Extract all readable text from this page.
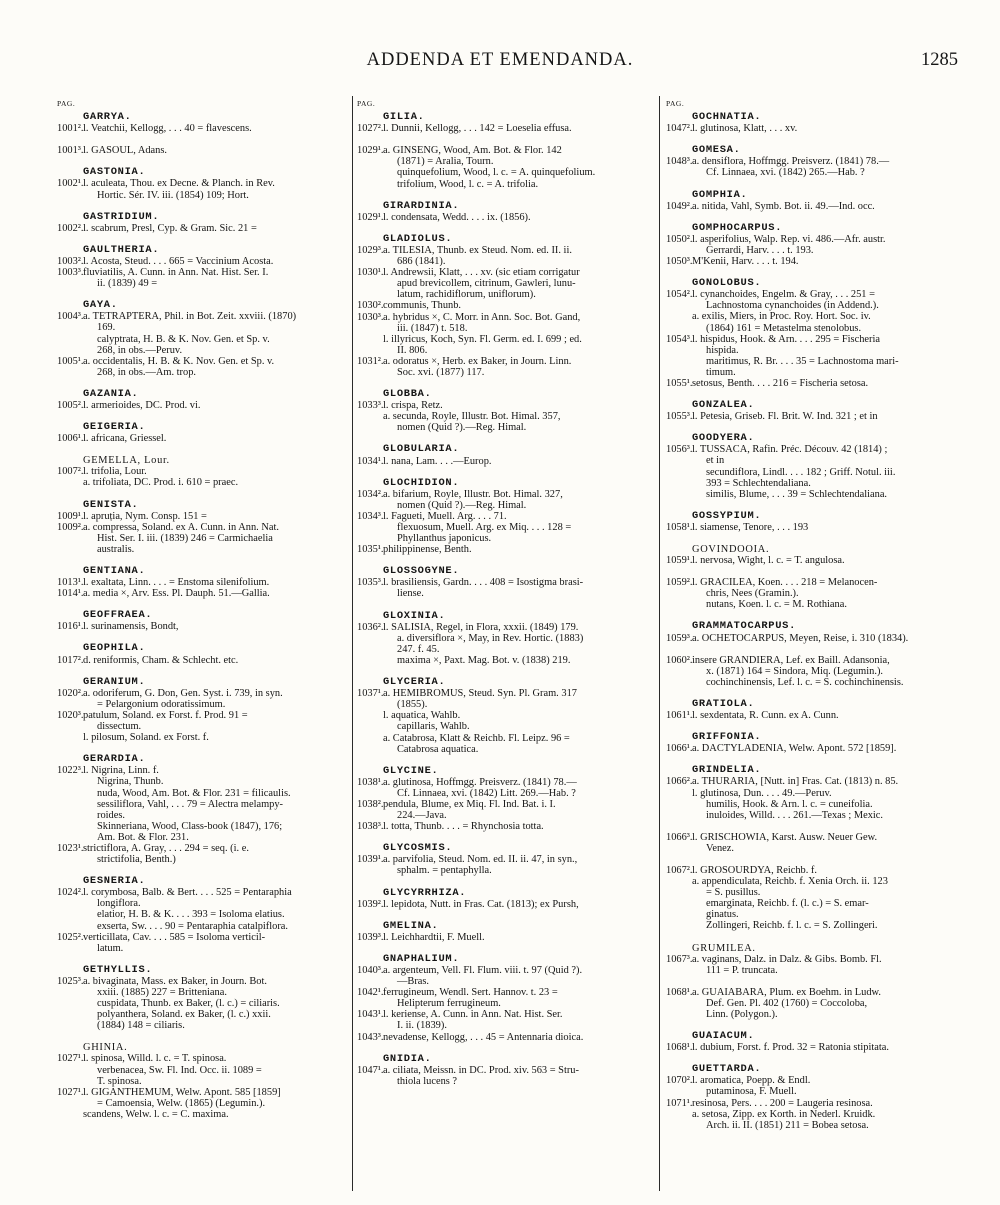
ADDENDA ET EMENDANDA.	1285
PAG.
GARRYA.
1001².l. Veatchii, Kellogg, . . . 40 = flavescens.
1001³.l. GASOUL, Adans.
GASTONIA.
1002¹.l. aculeata, Thou. ex Decne. & Planch. in Rev.
Hortic. Sér. IV. iii. (1854) 109; Hort.
GASTRIDIUM.
1002².l. scabrum, Presl, Cyp. & Gram. Sic. 21 =
GAULTHERIA.
1003².l. Acosta, Steud. . . . 665 = Vaccinium Acosta.
1003³.fluviatilis, A. Cunn. in Ann. Nat. Hist. Ser. I.
ii. (1839) 49 =
GAYA.
1004³.a. TETRAPTERA, Phil. in Bot. Zeit. xxviii. (1870)
169.
calyptrata, H. B. & K. Nov. Gen. et Sp. v.
268, in obs.—Peruv.
1005¹.a. occidentalis, H. B. & K. Nov. Gen. et Sp. v.
268, in obs.—Am. trop.
GAZANIA.
1005².l. armerioides, DC. Prod. vi.
GEIGERIA.
1006¹.l. africana, Griessel.
GEMELLA, Lour.
1007².l. trifolia, Lour.
a. trifoliata, DC. Prod. i. 610 = praec.
GENISTA.
1009¹.l. apruția, Nym. Consp. 151 =
1009².a. compressa, Soland. ex A. Cunn. in Ann. Nat.
Hist. Ser. I. iii. (1839) 246 = Carmichaelia
australis.
GENTIANA.
1013¹.l. exaltata, Linn. . . . = Enstoma silenifolium.
1014¹.a. media ×, Arv. Ess. Pl. Dauph. 51.—Gallia.
GEOFFRAEA.
1016¹.l. surinamensis, Bondt,
GEOPHILA.
1017².d. reniformis, Cham. & Schlecht. etc.
GERANIUM.
1020².a. odoriferum, G. Don, Gen. Syst. i. 739, in syn.
= Pelargonium odoratissimum.
1020³.patulum, Soland. ex Forst. f. Prod. 91 =
dissectum.
l. pilosum, Soland. ex Forst. f.
GERARDIA.
1022³.l. Nigrina, Linn. f.
Nigrina, Thunb.
nuda, Wood, Am. Bot. & Flor. 231 = filicaulis.
sessiliflora, Vahl, . . . 79 = Alectra melampy-
roides.
Skinneriana, Wood, Class-book (1847), 176;
Am. Bot. & Flor. 231.
1023¹.strictiflora, A. Gray, . . . 294 = seq. (i. e.
strictifolia, Benth.)
GESNERIA.
1024².l. corymbosa, Balb. & Bert. . . . 525 = Pentaraphia
longiflora.
elatior, H. B. & K. . . . 393 = Isoloma elatius.
exserta, Sw. . . . 90 = Pentaraphia catalpiflora.
1025².verticillata, Cav. . . . 585 = Isoloma verticil-
latum.
GETHYLLIS.
1025³.a. bivaginata, Mass. ex Baker, in Journ. Bot.
xxiii. (1885) 227 = Britteniana.
cuspidata, Thunb. ex Baker, (l. c.) = ciliaris.
polyanthera, Soland. ex Baker, (l. c.) xxii.
(1884) 148 = ciliaris.
GHINIA.
1027¹.l. spinosa, Willd. l. c. = T. spinosa.
verbenacea, Sw. Fl. Ind. Occ. ii. 1089 =
T. spinosa.
1027¹.l. GIGANTHEMUM, Welw. Apont. 585 [1859]
= Camoensia, Welw. (1865) (Legumin.).
scandens, Welw. l. c. = C. maxima.
PAG.
GILIA.
1027².l. Dunnii, Kellogg, . . . 142 = Loeselia effusa.
1029¹.a. GINSENG, Wood, Am. Bot. & Flor. 142
(1871) = Aralia, Tourn.
quinquefolium, Wood, l. c. = A. quinquefolium.
trifolium, Wood, l. c. = A. trifolia.
GIRARDINIA.
1029¹.l. condensata, Wedd. . . . ix. (1856).
GLADIOLUS.
1029³.a. TILESIA, Thunb. ex Steud. Nom. ed. II. ii.
686 (1841).
1030¹.l. Andrewsii, Klatt, . . . xv. (sic etiam corrigatur
apud brevicollem, citrinum, Gawleri, lunu-
latum, rachidiflorum, uniflorum).
1030².communis, Thunb.
1030³.a. hybridus ×, C. Morr. in Ann. Soc. Bot. Gand,
iii. (1847) t. 518.
l. illyricus, Koch, Syn. Fl. Germ. ed. I. 699 ; ed.
II. 806.
1031².a. odoratus ×, Herb. ex Baker, in Journ. Linn.
Soc. xvi. (1877) 117.
GLOBBA.
1033³.l. crispa, Retz.
a. secunda, Royle, Illustr. Bot. Himal. 357,
nomen (Quid ?).—Reg. Himal.
GLOBULARIA.
1034¹.l. nana, Lam. . . .—Europ.
GLOCHIDION.
1034².a. bifarium, Royle, Illustr. Bot. Himal. 327,
nomen (Quid ?).—Reg. Himal.
1034³.l. Fagueti, Muell. Arg. . . . 71.
flexuosum, Muell. Arg. ex Miq. . . . 128 =
Phyllanthus japonicus.
1035¹.philippinense, Benth.
GLOSSOGYNE.
1035³.l. brasiliensis, Gardn. . . . 408 = Isostigma brasi-
liense.
GLOXINIA.
1036².l. SALISIA, Regel, in Flora, xxxii. (1849) 179.
a. diversiflora ×, May, in Rev. Hortic. (1883)
247. f. 45.
maxima ×, Paxt. Mag. Bot. v. (1838) 219.
GLYCERIA.
1037¹.a. HEMIBROMUS, Steud. Syn. Pl. Gram. 317
(1855).
l. aquatica, Wahlb.
capillaris, Wahlb.
a. Catabrosa, Klatt & Reichb. Fl. Leipz. 96 =
Catabrosa aquatica.
GLYCINE.
1038¹.a. glutinosa, Hoffmgg. Preisverz. (1841) 78.—
Cf. Linnaea, xvi. (1842) Litt. 269.—Hab. ?
1038².pendula, Blume, ex Miq. Fl. Ind. Bat. i. I.
224.—Java.
1038³.l. totta, Thunb. . . . = Rhynchosia totta.
GLYCOSMIS.
1039¹.a. parvifolia, Steud. Nom. ed. II. ii. 47, in syn.,
sphalm. = pentaphylla.
GLYCYRRHIZA.
1039².l. lepidota, Nutt. in Fras. Cat. (1813); ex Pursh,
GMELINA.
1039³.l. Leichhardtii, F. Muell.
GNAPHALIUM.
1040³.a. argenteum, Vell. Fl. Flum. viii. t. 97 (Quid ?).
—Bras.
1042¹.ferrugineum, Wendl. Sert. Hannov. t. 23 =
Helipterum ferrugineum.
1043¹.l. keriense, A. Cunn. in Ann. Nat. Hist. Ser.
I. ii. (1839).
1043³.nevadense, Kellogg, . . . 45 = Antennaria dioica.
GNIDIA.
1047¹.a. ciliata, Meissn. in DC. Prod. xiv. 563 = Stru-
thiola lucens ?
PAG.
GOCHNATIA.
1047².l. glutinosa, Klatt, . . . xv.
GOMESA.
1048³.a. densiflora, Hoffmgg. Preisverz. (1841) 78.—
Cf. Linnaea, xvi. (1842) 265.—Hab. ?
GOMPHIA.
1049².a. nitida, Vahl, Symb. Bot. ii. 49.—Ind. occ.
GOMPHOCARPUS.
1050².l. asperifolius, Walp. Rep. vi. 486.—Afr. austr.
Gerrardi, Harv. . . . t. 193.
1050³.M'Kenii, Harv. . . . t. 194.
GONOLOBUS.
1054².l. cynanchoides, Engelm. & Gray, . . . 251 =
Lachnostoma cynanchoides (in Addend.).
a. exilis, Miers, in Proc. Roy. Hort. Soc. iv.
(1864) 161 = Metastelma stenolobus.
1054³.l. hispidus, Hook. & Arn. . . . 295 = Fischeria
hispida.
maritimus, R. Br. . . . 35 = Lachnostoma mari-
timum.
1055¹.setosus, Benth. . . . 216 = Fischeria setosa.
GONZALEA.
1055³.l. Petesia, Griseb. Fl. Brit. W. Ind. 321 ; et in
GOODYERA.
1056³.l. TUSSACA, Rafin. Préc. Découv. 42 (1814) ;
et in
secundiflora, Lindl. . . . 182 ; Griff. Notul. iii.
393 = Schlechtendaliana.
similis, Blume, . . . 39 = Schlechtendaliana.
GOSSYPIUM.
1058¹.l. siamense, Tenore, . . . 193
GOVINDOOIA.
1059¹.l. nervosa, Wight, l. c. = T. angulosa.
1059².l. GRACILEA, Koen. . . . 218 = Melanocen-
chris, Nees (Gramin.).
nutans, Koen. l. c. = M. Rothiana.
GRAMMATOCARPUS.
1059³.a. OCHETOCARPUS, Meyen, Reise, i. 310 (1834).
1060².insere GRANDIERA, Lef. ex Baill. Adansonia,
x. (1871) 164 = Sindora, Miq. (Legumin.).
cochinchinensis, Lef. l. c. = S. cochinchinensis.
GRATIOLA.
1061¹.l. sexdentata, R. Cunn. ex A. Cunn.
GRIFFONIA.
1066¹.a. DACTYLADENIA, Welw. Apont. 572 [1859].
GRINDELIA.
1066².a. THURARIA, [Nutt. in] Fras. Cat. (1813) n. 85.
l. glutinosa, Dun. . . . 49.—Peruv.
humilis, Hook. & Arn. l. c. = cuneifolia.
inuloides, Willd. . . . 261.—Texas ; Mexic.
1066³.l. GRISCHOWIA, Karst. Ausw. Neuer Gew.
Venez.
1067².l. GROSOURDYA, Reichb. f.
a. appendiculata, Reichb. f. Xenia Orch. ii. 123
= S. pusillus.
emarginata, Reichb. f. (l. c.) = S. emar-
ginatus.
Zollingeri, Reichb. f. l. c. = S. Zollingeri.
GRUMILEA.
1067³.a. vaginans, Dalz. in Dalz. & Gibs. Bomb. Fl.
111 = P. truncata.
1068¹.a. GUAIABARA, Plum. ex Boehm. in Ludw.
Def. Gen. Pl. 402 (1760) = Coccoloba,
Linn. (Polygon.).
GUAIACUM.
1068¹.l. dubium, Forst. f. Prod. 32 = Ratonia stipitata.
GUETTARDA.
1070².l. aromatica, Poepp. & Endl.
putaminosa, F. Muell.
1071¹.resinosa, Pers. . . . 200 = Laugeria resinosa.
a. setosa, Zipp. ex Korth. in Nederl. Kruidk.
Arch. ii. II. (1851) 211 = Bobea setosa.
